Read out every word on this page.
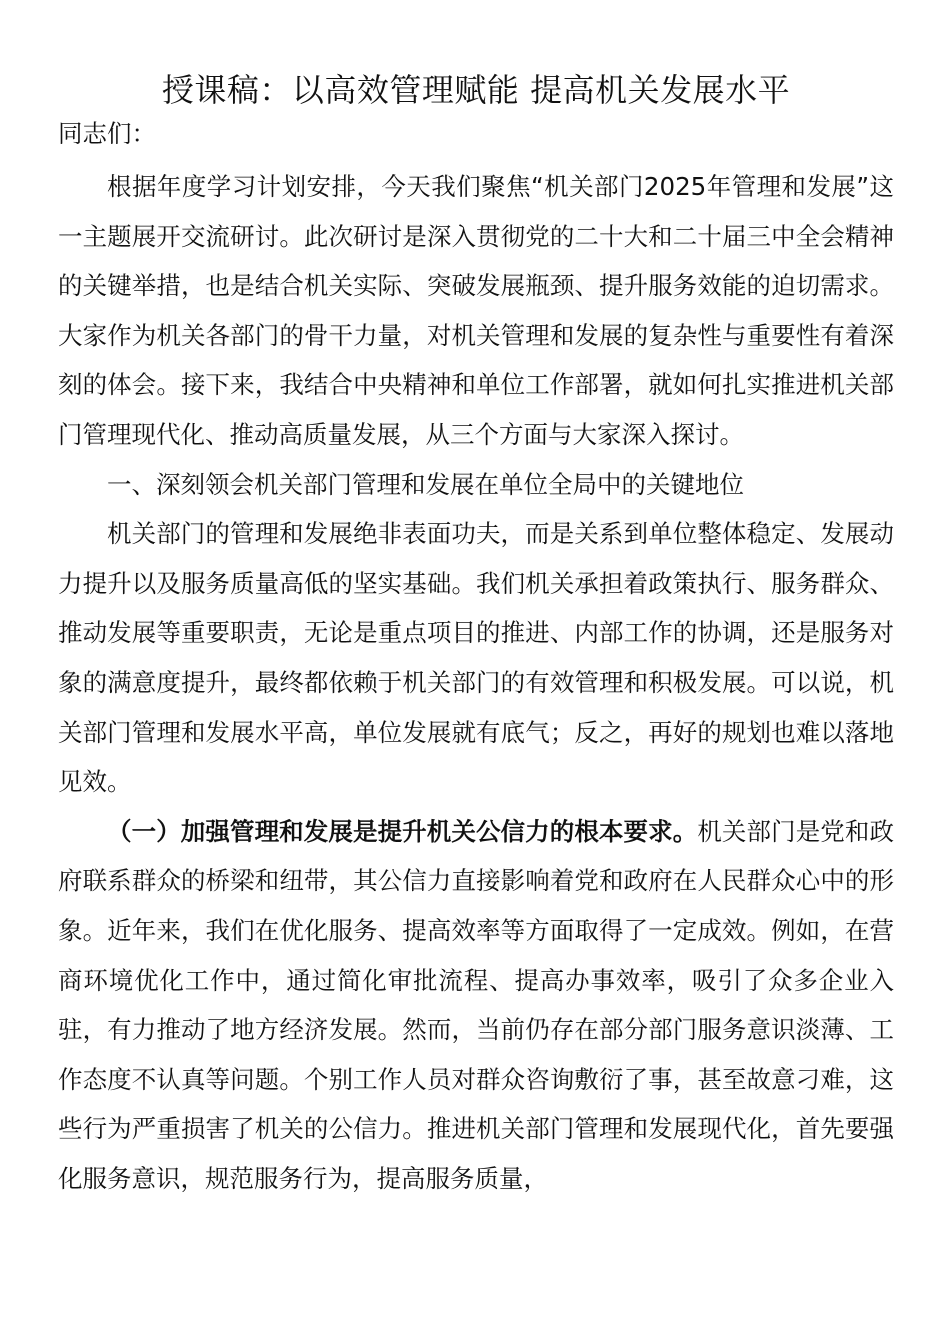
授课稿：以高效管理赋能 提高机关发展水平

同志们：

根据年度学习计划安排，今天我们聚焦“机关部门2025年管理和发展”这一主题展开交流研讨。此次研讨是深入贯彻党的二十大和二十届三中全会精神的关键举措，也是结合机关实际、突破发展瓶颈、提升服务效能的迫切需求。大家作为机关各部门的骨干力量，对机关管理和发展的复杂性与重要性有着深刻的体会。接下来，我结合中央精神和单位工作部署，就如何扎实推进机关部门管理现代化、推动高质量发展，从三个方面与大家深入探讨。

一、深刻领会机关部门管理和发展在单位全局中的关键地位

机关部门的管理和发展绝非表面功夫，而是关系到单位整体稳定、发展动力提升以及服务质量高低的坚实基础。我们机关承担着政策执行、服务群众、推动发展等重要职责，无论是重点项目的推进、内部工作的协调，还是服务对象的满意度提升，最终都依赖于机关部门的有效管理和积极发展。可以说，机关部门管理和发展水平高，单位发展就有底气；反之，再好的规划也难以落地见效。

（一）加强管理和发展是提升机关公信力的根本要求。机关部门是党和政府联系群众的桥梁和纽带，其公信力直接影响着党和政府在人民群众心中的形象。近年来，我们在优化服务、提高效率等方面取得了一定成效。例如，在营商环境优化工作中，通过简化审批流程、提高办事效率，吸引了众多企业入驻，有力推动了地方经济发展。然而，当前仍存在部分部门服务意识淡薄、工作态度不认真等问题。个别工作人员对群众咨询敷衍了事，甚至故意刁难，这些行为严重损害了机关的公信力。推进机关部门管理和发展现代化，首先要强化服务意识，规范服务行为，提高服务质量，
